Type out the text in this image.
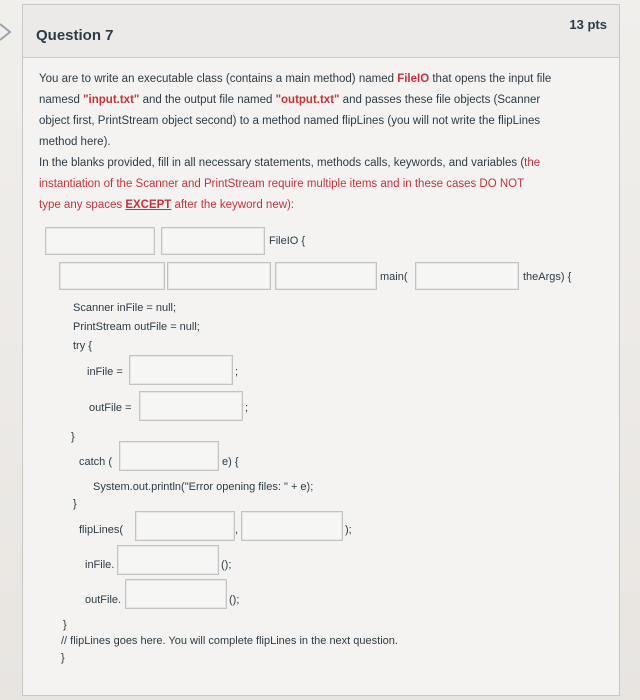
Question 7
13 pts
You are to write an executable class (contains a main method) named FileIO that opens the input file
namesd "input.txt" and the output file named "output.txt" and passes these file objects (Scanner
object first, PrintStream object second) to a method named flipLines (you will not write the flipLines
method here).
In the blanks provided, fill in all necessary statements, methods calls, keywords, and variables (the
instantiation of the Scanner and PrintStream require multiple items and in these cases DO NOT
type any spaces EXCEPT after the keyword new):
FileIO {
main(	theArgs) {
Scanner inFile = null;
PrintStream outFile = null;
try {
inFile =	;
outFile =	;
}
catch (	e) {
System.out.println("Error opening files: " + e);
}
flipLines(	,	);
inFile.	();
outFile.	();
}
// flipLines goes here. You will complete flipLines in the next question.
}
